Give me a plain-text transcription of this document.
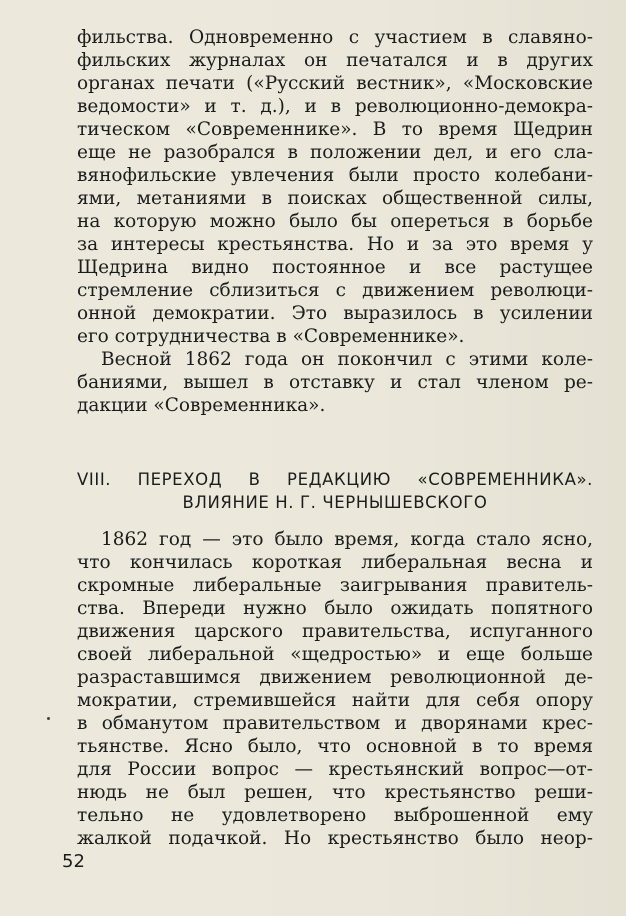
фильства. Одновременно с участием в славяно-
фильских журналах он печатался и в других
органах печати («Русский вестник», «Московские
ведомости» и т. д.), и в революционно-демокра-
тическом «Современнике». В то время Щедрин
еще не разобрался в положении дел, и его сла-
вянофильские увлечения были просто колебани-
ями, метаниями в поисках общественной силы,
на которую можно было бы опереться в борьбе
за интересы крестьянства. Но и за это время у
Щедрина видно постоянное и все растущее
стремление сблизиться с движением революци-
онной демократии. Это выразилось в усилении
его сотрудничества в «Современнике».
Весной 1862 года он покончил с этими коле-
баниями, вышел в отставку и стал членом ре-
дакции «Современника».
VIII. ПЕРЕХОД В РЕДАКЦИЮ «СОВРЕМЕННИКА».
ВЛИЯНИЕ Н. Г. ЧЕРНЫШЕВСКОГО
1862 год — это было время, когда стало ясно,
что кончилась короткая либеральная весна и
скромные либеральные заигрывания правитель-
ства. Впереди нужно было ожидать попятного
движения царского правительства, испуганного
своей либеральной «щедростью» и еще больше
разраставшимся движением революционной де-
мократии, стремившейся найти для себя опору
в обманутом правительством и дворянами крес-
тьянстве. Ясно было, что основной в то время
для России вопрос — крестьянский вопрос—от-
нюдь не был решен, что крестьянство реши-
тельно не удовлетворено выброшенной ему
жалкой подачкой. Но крестьянство было неор-
52
